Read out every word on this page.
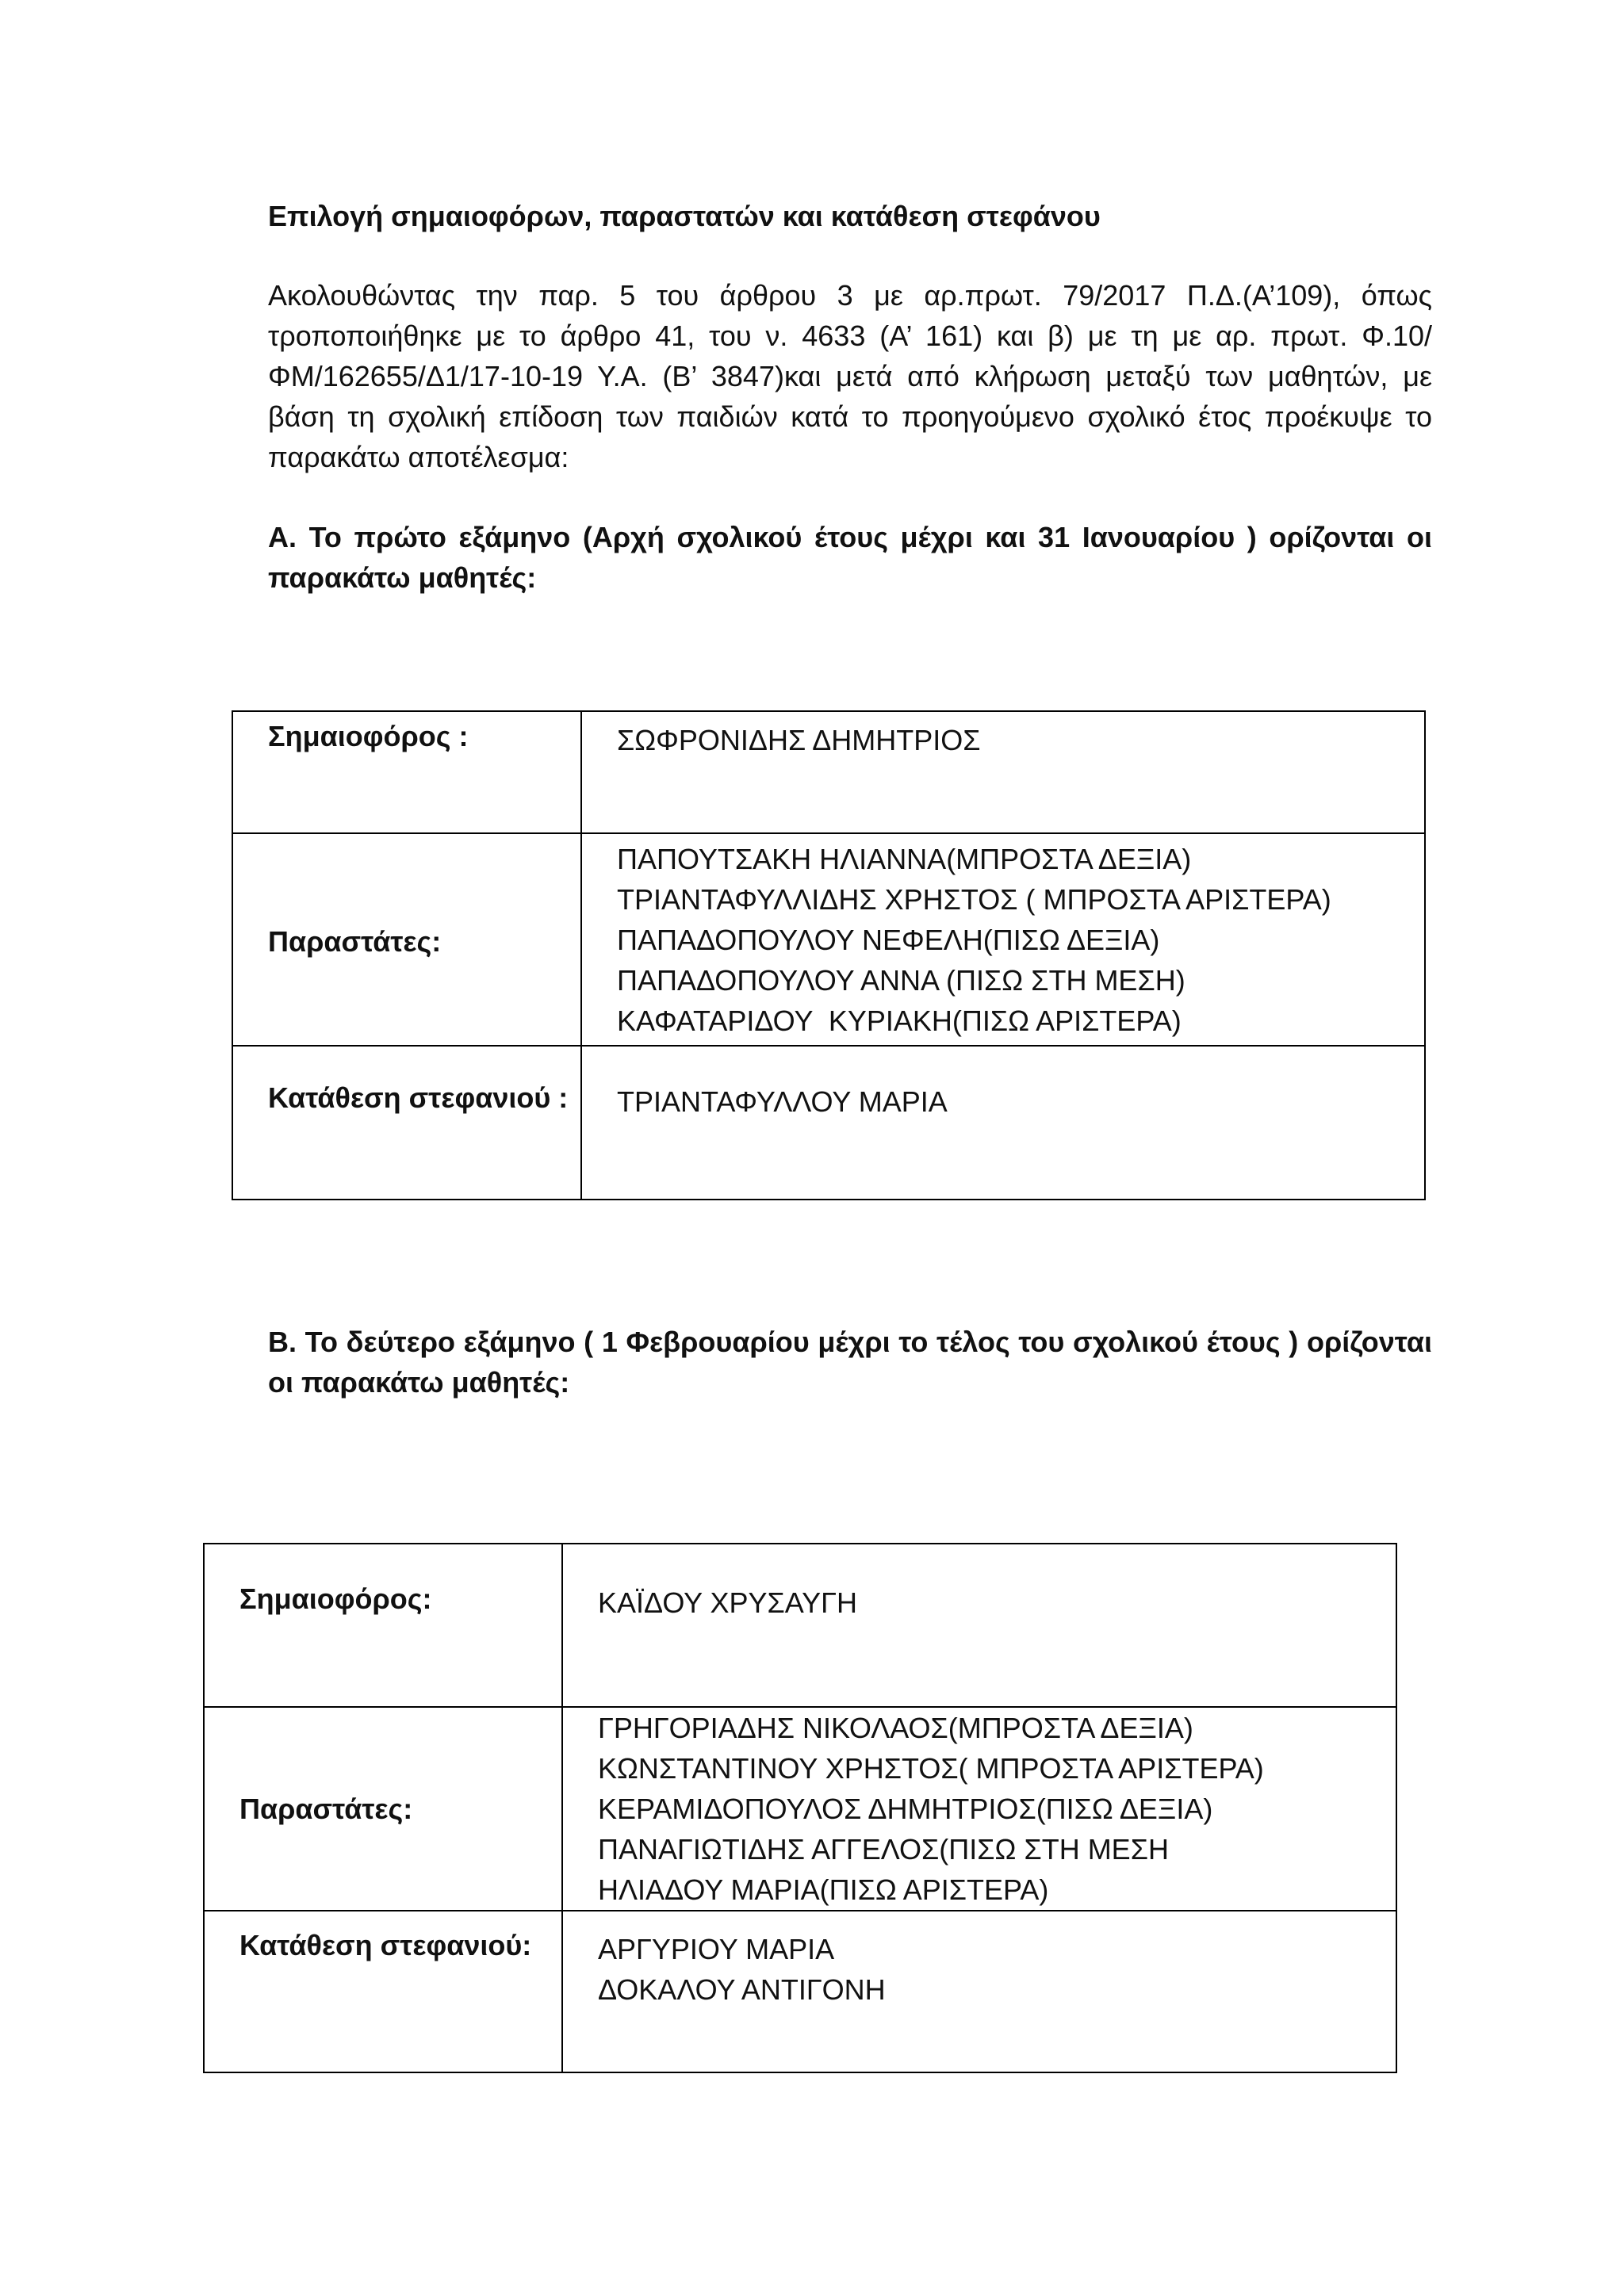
Επιλογή σημαιοφόρων, παραστατών και κατάθεση στεφάνου
Ακολουθώντας την παρ. 5 του άρθρου 3 με αρ.πρωτ. 79/2017 Π.Δ.(Α’109), όπως τροποποιήθηκε με το άρθρο 41, του ν. 4633 (Α’ 161) και β) με τη με αρ. πρωτ. Φ.10/ΦΜ/162655/Δ1/17-10-19 Υ.Α. (Β’ 3847)και μετά από κλήρωση μεταξύ των μαθητών, με βάση τη σχολική επίδοση των παιδιών κατά το προηγούμενο σχολικό έτος προέκυψε το παρακάτω αποτέλεσμα:
Α. Το πρώτο εξάμηνο (Αρχή σχολικού έτους μέχρι και 31 Ιανουαρίου ) ορίζονται οι παρακάτω μαθητές:
Σημαιοφόρος :	ΣΩΦΡΟΝΙΔΗΣ ΔΗΜΗΤΡΙΟΣ

Παραστάτες:	ΠΑΠΟΥΤΣΑΚΗ ΗΛΙΑΝΝΑ(ΜΠΡΟΣΤΑ ΔΕΞΙΑ)
ΤΡΙΑΝΤΑΦΥΛΛΙΔΗΣ ΧΡΗΣΤΟΣ ( ΜΠΡΟΣΤΑ ΑΡΙΣΤΕΡΑ)
ΠΑΠΑΔΟΠΟΥΛΟΥ ΝΕΦΕΛΗ(ΠΙΣΩ ΔΕΞΙΑ)
ΠΑΠΑΔΟΠΟΥΛΟΥ ΑΝΝΑ (ΠΙΣΩ ΣΤΗ ΜΕΣΗ)
ΚΑΦΑΤΑΡΙΔΟΥ  ΚΥΡΙΑΚΗ(ΠΙΣΩ ΑΡΙΣΤΕΡΑ)

Κατάθεση στεφανιού :	ΤΡΙΑΝΤΑΦΥΛΛΟΥ ΜΑΡΙΑ
Β. Το δεύτερο εξάμηνο ( 1 Φεβρουαρίου μέχρι το τέλος του σχολικού έτους ) ορίζονται οι παρακάτω μαθητές:
Σημαιοφόρος:	ΚΑΪΔΟΥ ΧΡΥΣΑΥΓΗ

Παραστάτες:	ΓΡΗΓΟΡΙΑΔΗΣ ΝΙΚΟΛΑΟΣ(ΜΠΡΟΣΤΑ ΔΕΞΙΑ)
ΚΩΝΣΤΑΝΤΙΝΟΥ ΧΡΗΣΤΟΣ( ΜΠΡΟΣΤΑ ΑΡΙΣΤΕΡΑ)
ΚΕΡΑΜΙΔΟΠΟΥΛΟΣ ΔΗΜΗΤΡΙΟΣ(ΠΙΣΩ ΔΕΞΙΑ)
ΠΑΝΑΓΙΩΤΙΔΗΣ ΑΓΓΕΛΟΣ(ΠΙΣΩ ΣΤΗ ΜΕΣΗ
ΗΛΙΑΔΟΥ ΜΑΡΙΑ(ΠΙΣΩ ΑΡΙΣΤΕΡΑ)

Κατάθεση στεφανιού:	ΑΡΓΥΡΙΟΥ ΜΑΡΙΑ
ΔΟΚΑΛΟΥ ΑΝΤΙΓΟΝΗ
